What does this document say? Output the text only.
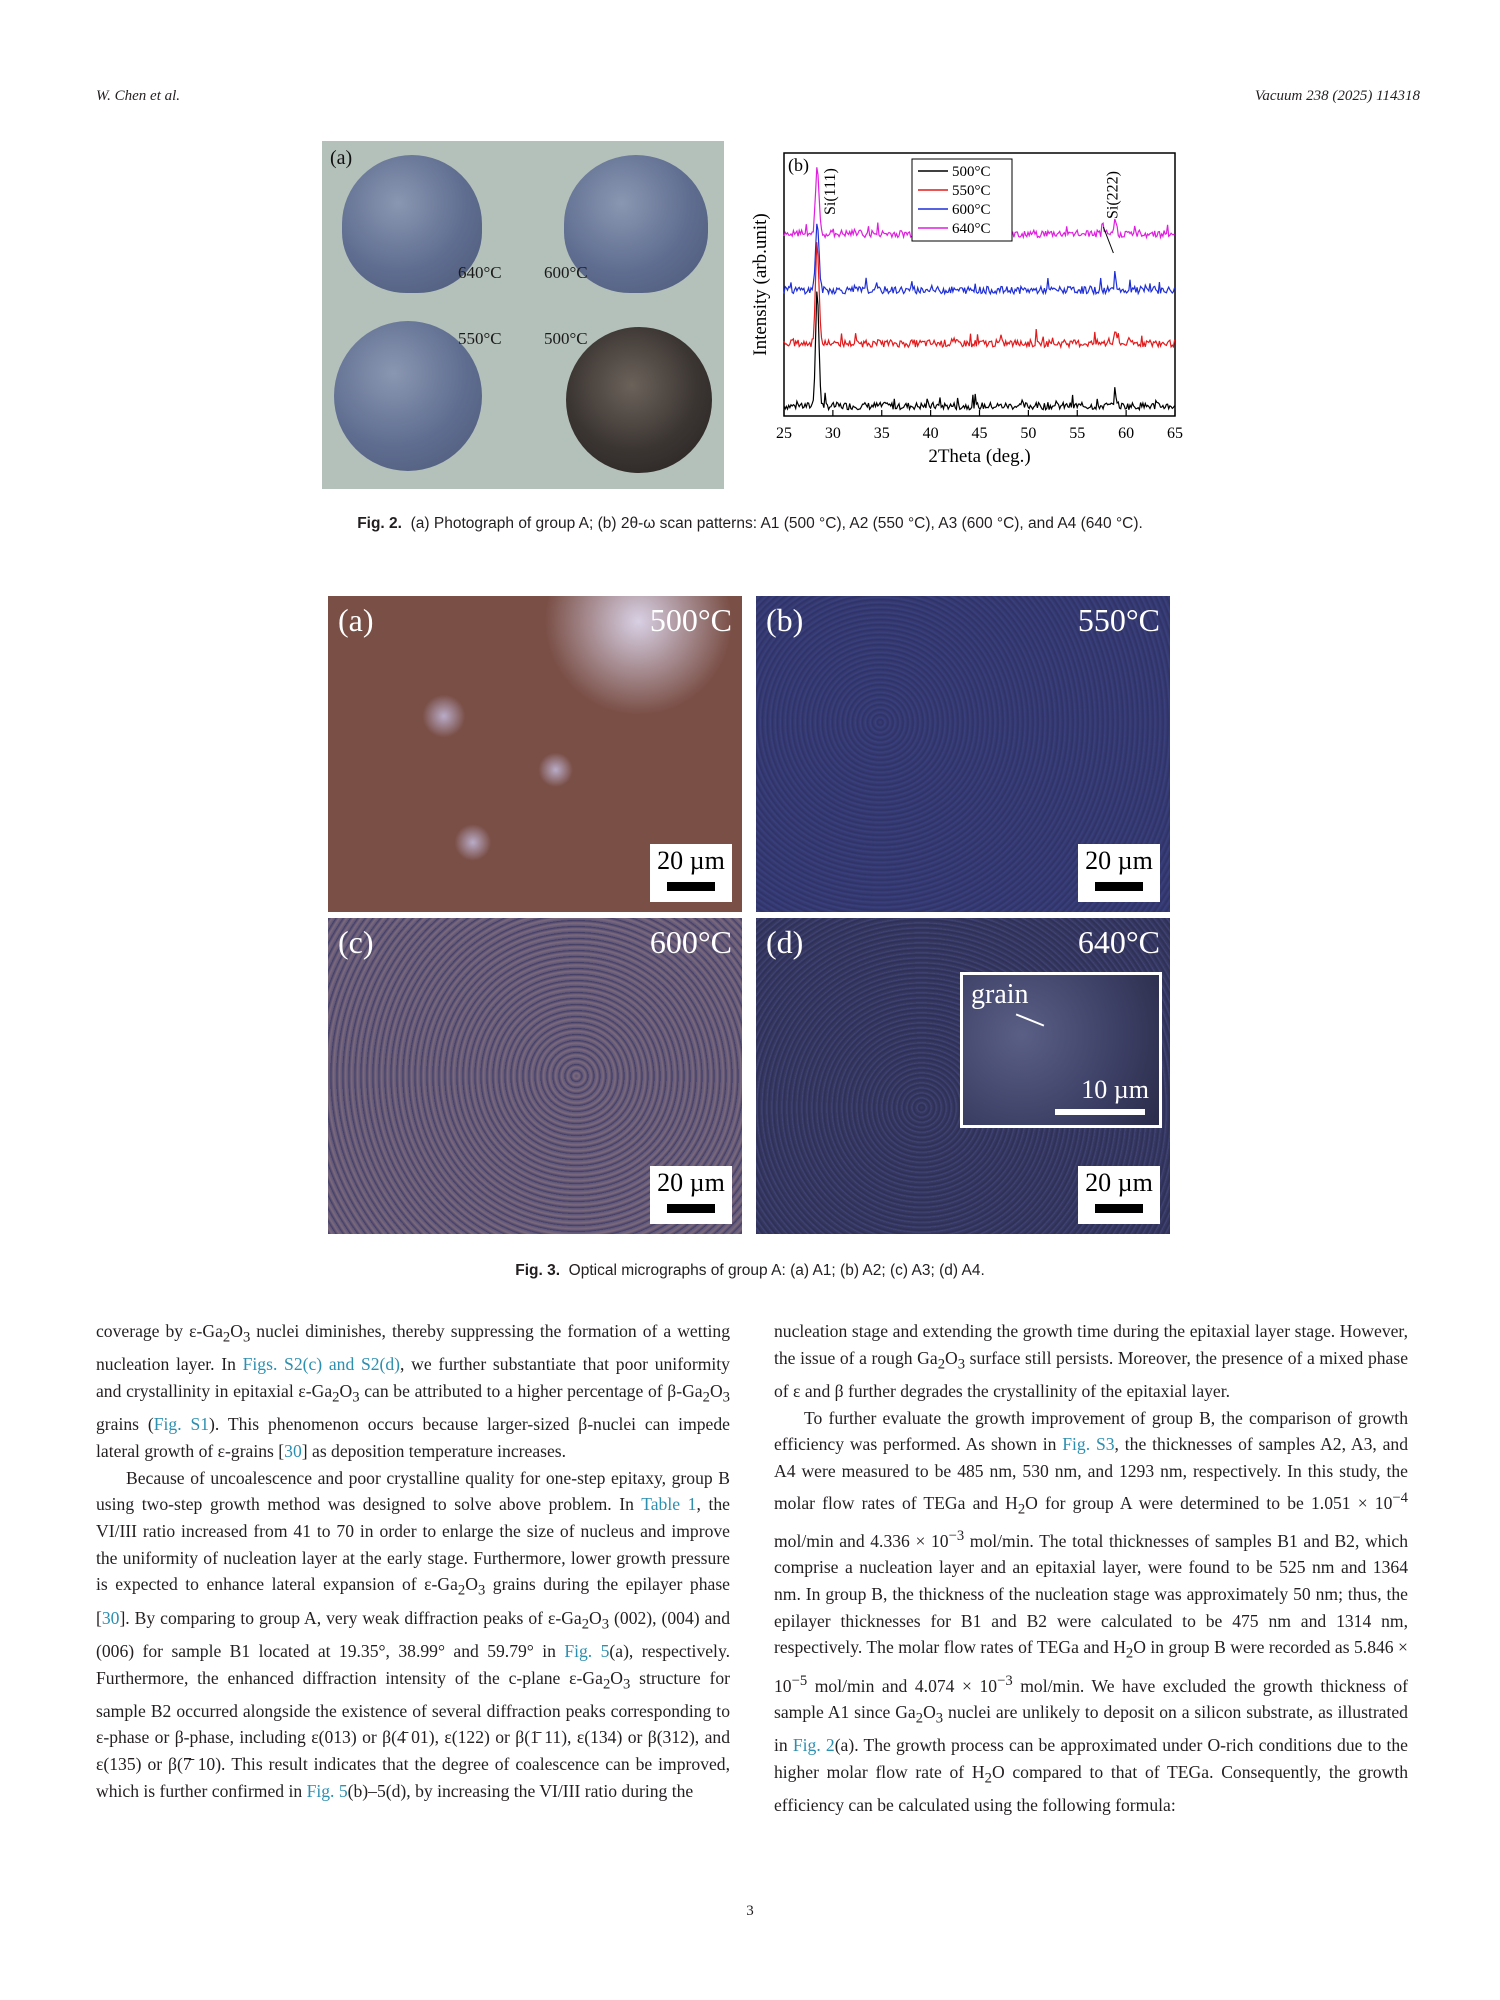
W. Chen et al.	Vacuum 238 (2025) 114318
(a)
640°C 600°C
550°C 500°C
25 30 35 40 45 50 55 60 65
2Theta (deg.)
Intensity (arb.unit)
(b)
Si(111)	Si(222)
500°C
550°C
600°C
640°C
Fig. 2. (a) Photograph of group A; (b) 2θ-ω scan patterns: A1 (500 °C), A2 (550 °C), A3 (600 °C), and A4 (640 °C).
(a)	500°C
20 µm
(b)	550°C
20 µm
(c)	600°C
20 µm
(d)	640°C
grain
10 µm
20 µm
Fig. 3. Optical micrographs of group A: (a) A1; (b) A2; (c) A3; (d) A4.

coverage by $\varepsilon-Ga_2O_3$ nuclei diminishes, thereby suppressing the formation of a wetting nucleation layer. In Figs. S2(c) and S2(d), we further substantiate that poor uniformity and crystallinity in epitaxial $\varepsilon-Ga_2O_3$ can be attributed to a higher percentage of $\beta-Ga_2O_3$ grains (Fig. S1). This phenomenon occurs because larger-sized β-nuclei can impede lateral growth of ε-grains [30] as deposition temperature increases.

Because of uncoalescence and poor crystalline quality for one-step epitaxy, group B using two-step growth method was designed to solve above problem. In Table 1, the VI/III ratio increased from 41 to 70 in order to enlarge the size of nucleus and improve the uniformity of nucleation layer at the early stage. Furthermore, lower growth pressure is expected to enhance lateral expansion of $\varepsilon-Ga_2O_3$ grains during the epilayer phase [30]. By comparing to group A, very weak diffraction peaks of $\varepsilon-Ga_2O_3$ (002), (004) and (006) for sample B1 located at 19.35°, 38.99° and 59.79° in Fig. 5(a), respectively. Furthermore, the enhanced diffraction intensity of the c-plane $\varepsilon-Ga_2O_3$ structure for sample B2 occurred alongside the existence of several diffraction peaks corresponding to ε-phase or β-phase, including ε(013) or β(4̄ 01), ε(122) or β(1̄ 11), ε(134) or β(312), and ε(135) or β(7̄ 10). This result indicates that the degree of coalescence can be improved, which is further confirmed in Fig. 5(b)–5(d), by increasing the VI/III ratio during the

nucleation stage and extending the growth time during the epitaxial layer stage. However, the issue of a rough $Ga_2O_3$ surface still persists. Moreover, the presence of a mixed phase of ε and β further degrades the crystallinity of the epitaxial layer.

To further evaluate the growth improvement of group B, the comparison of growth efficiency was performed. As shown in Fig. S3, the thicknesses of samples A2, A3, and A4 were measured to be 485 nm, 530 nm, and 1293 nm, respectively. In this study, the molar flow rates of TEGa and $H_2O$ for group A were determined to be $1.051 \times 10^{-4}$ mol/min and $4.336 \times 10^{-3}$ mol/min. The total thicknesses of samples B1 and B2, which comprise a nucleation layer and an epitaxial layer, were found to be 525 nm and 1364 nm. In group B, the thickness of the nucleation stage was approximately 50 nm; thus, the epilayer thicknesses for B1 and B2 were calculated to be 475 nm and 1314 nm, respectively. The molar flow rates of TEGa and $H_2O$ in group B were recorded as $5.846 \times 10^{-5}$ mol/min and $4.074 \times 10^{-3}$ mol/min. We have excluded the growth thickness of sample A1 since $Ga_2O_3$ nuclei are unlikely to deposit on a silicon substrate, as illustrated in Fig. 2(a). The growth process can be approximated under O-rich conditions due to the higher molar flow rate of $H_2O$ compared to that of TEGa. Consequently, the growth efficiency can be calculated using the following formula:

3
